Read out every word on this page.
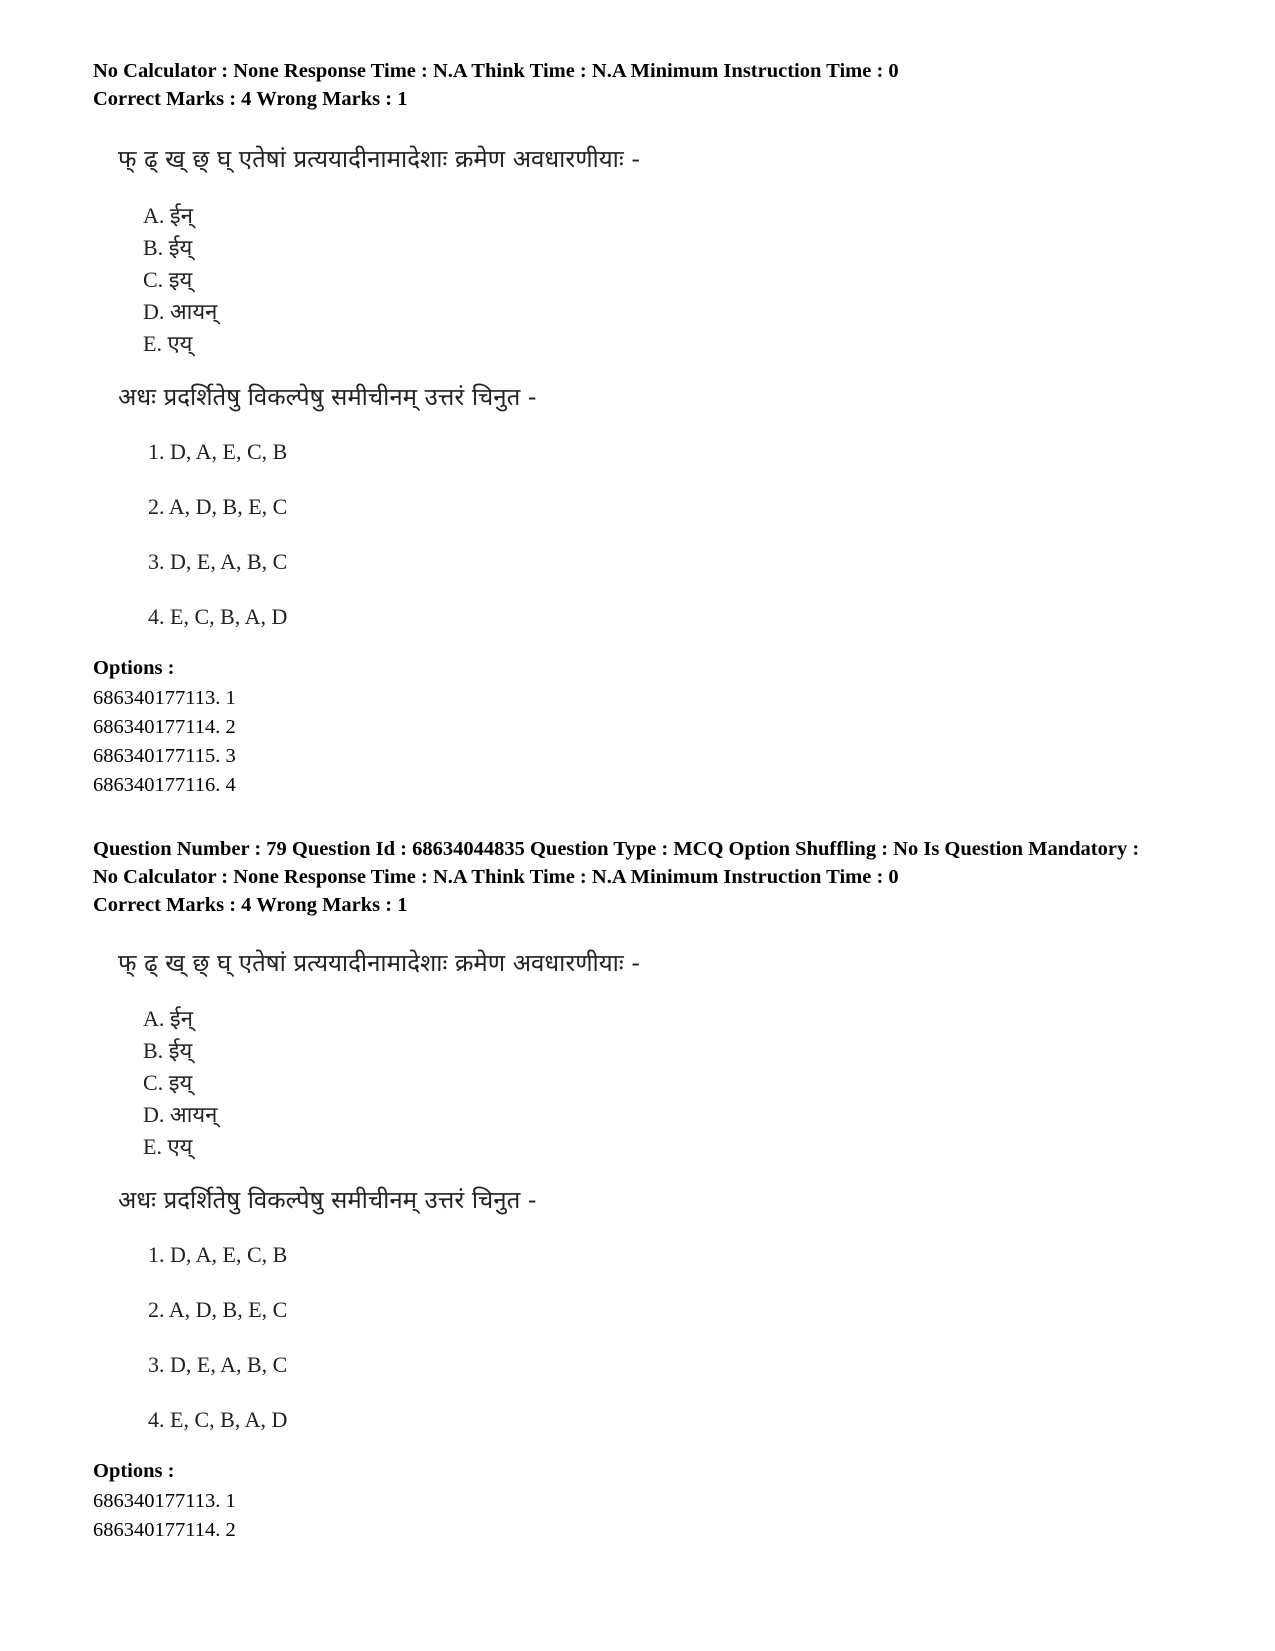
No Calculator : None Response Time : N.A Think Time : N.A Minimum Instruction Time : 0
Correct Marks : 4 Wrong Marks : 1
फ् ढ् ख् छ् घ् एतेषां प्रत्ययादीनामादेशाः क्रमेण अवधारणीयाः -
A. ईन्
B. ईय्
C. इय्
D. आयन्
E. एय्
अधः प्रदर्शितेषु विकल्पेषु समीचीनम् उत्तरं चिनुत -
1. D, A, E, C, B
2. A, D, B, E, C
3. D, E, A, B, C
4. E, C, B, A, D
Options :
686340177113. 1
686340177114. 2
686340177115. 3
686340177116. 4
Question Number : 79 Question Id : 68634044835 Question Type : MCQ Option Shuffling : No Is Question Mandatory :
No Calculator : None Response Time : N.A Think Time : N.A Minimum Instruction Time : 0
Correct Marks : 4 Wrong Marks : 1
फ् ढ् ख् छ् घ् एतेषां प्रत्ययादीनामादेशाः क्रमेण अवधारणीयाः -
A. ईन्
B. ईय्
C. इय्
D. आयन्
E. एय्
अधः प्रदर्शितेषु विकल्पेषु समीचीनम् उत्तरं चिनुत -
1. D, A, E, C, B
2. A, D, B, E, C
3. D, E, A, B, C
4. E, C, B, A, D
Options :
686340177113. 1
686340177114. 2
